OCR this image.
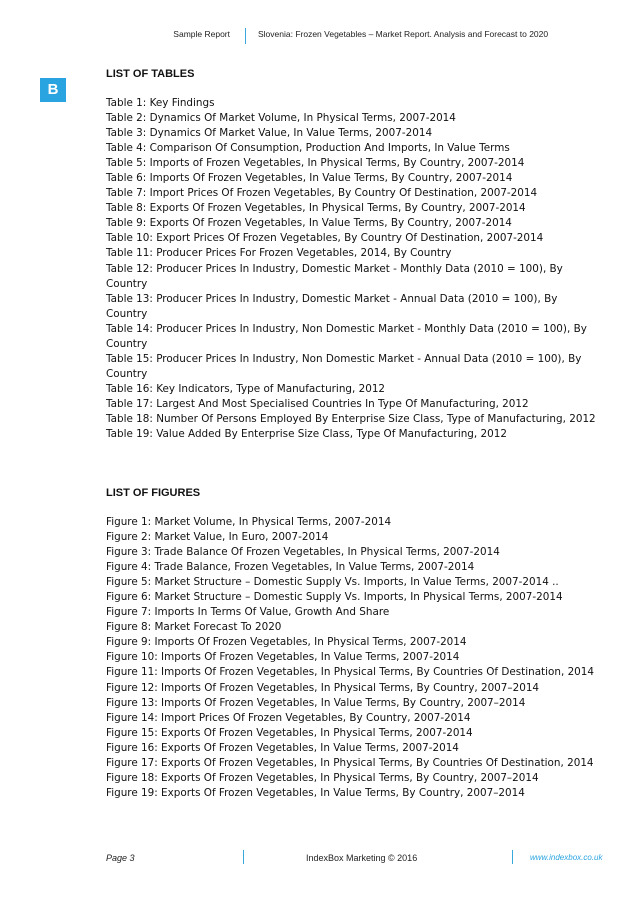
Sample Report	Slovenia: Frozen Vegetables – Market Report. Analysis and Forecast to 2020
B
LIST OF TABLES
Table 1: Key Findings
Table 2: Dynamics Of Market Volume, In Physical Terms, 2007-2014
Table 3: Dynamics Of Market Value, In Value Terms, 2007-2014
Table 4: Comparison Of Consumption, Production And Imports, In Value Terms
Table 5: Imports of Frozen Vegetables, In Physical Terms, By Country, 2007-2014
Table 6: Imports Of Frozen Vegetables, In Value Terms, By Country, 2007-2014
Table 7: Import Prices Of Frozen Vegetables, By Country Of Destination, 2007-2014
Table 8: Exports Of Frozen Vegetables, In Physical Terms, By Country, 2007-2014
Table 9: Exports Of Frozen Vegetables, In Value Terms, By Country, 2007-2014
Table 10: Export Prices Of Frozen Vegetables, By Country Of Destination, 2007-2014
Table 11: Producer Prices For Frozen Vegetables, 2014, By Country
Table 12: Producer Prices In Industry, Domestic Market - Monthly Data (2010 = 100), By Country
Table 13: Producer Prices In Industry, Domestic Market - Annual Data (2010 = 100), By Country
Table 14: Producer Prices In Industry, Non Domestic Market - Monthly Data (2010 = 100), By Country
Table 15: Producer Prices In Industry, Non Domestic Market - Annual Data (2010 = 100), By Country
Table 16: Key Indicators, Type of Manufacturing, 2012
Table 17: Largest And Most Specialised Countries In Type Of Manufacturing, 2012
Table 18: Number Of Persons Employed By Enterprise Size Class, Type of Manufacturing, 2012
Table 19: Value Added By Enterprise Size Class, Type Of Manufacturing, 2012
LIST OF FIGURES
Figure 1: Market Volume, In Physical Terms, 2007-2014
Figure 2: Market Value, In Euro, 2007-2014
Figure 3: Trade Balance Of Frozen Vegetables, In Physical Terms, 2007-2014
Figure 4: Trade Balance, Frozen Vegetables, In Value Terms, 2007-2014
Figure 5: Market Structure – Domestic Supply Vs. Imports, In Value Terms, 2007-2014 ..
Figure 6: Market Structure – Domestic Supply Vs. Imports, In Physical Terms, 2007-2014
Figure 7: Imports In Terms Of Value, Growth And Share
Figure 8: Market Forecast To 2020
Figure 9: Imports Of Frozen Vegetables, In Physical Terms, 2007-2014
Figure 10: Imports Of Frozen Vegetables, In Value Terms, 2007-2014
Figure 11: Imports Of Frozen Vegetables, In Physical Terms, By Countries Of Destination, 2014
Figure 12: Imports Of Frozen Vegetables, In Physical Terms, By Country, 2007–2014
Figure 13: Imports Of Frozen Vegetables, In Value Terms, By Country, 2007–2014
Figure 14: Import Prices Of Frozen Vegetables, By Country, 2007-2014
Figure 15: Exports Of Frozen Vegetables, In Physical Terms, 2007-2014
Figure 16: Exports Of Frozen Vegetables, In Value Terms, 2007-2014
Figure 17: Exports Of Frozen Vegetables, In Physical Terms, By Countries Of Destination, 2014
Figure 18: Exports Of Frozen Vegetables, In Physical Terms, By Country, 2007–2014
Figure 19: Exports Of Frozen Vegetables, In Value Terms, By Country, 2007–2014
Page 3	IndexBox Marketing © 2016	www.indexbox.co.uk
